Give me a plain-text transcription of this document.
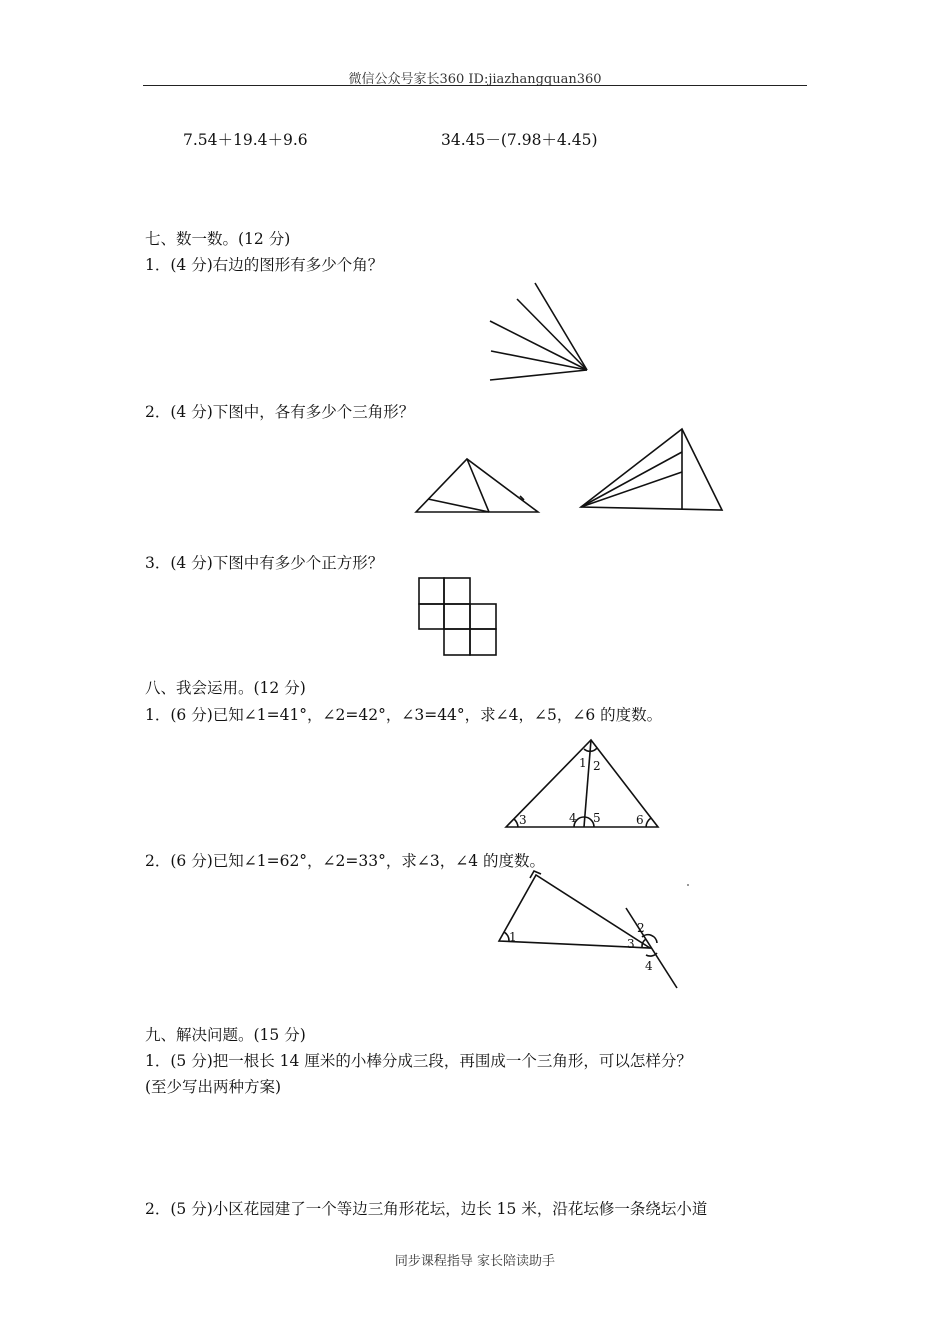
微信公众号家长360 ID:jiazhangquan360
7.54＋19.4＋9.6	34.45－(7.98＋4.45)
七、数一数。(12 分)
1．(4 分)右边的图形有多少个角？
2．(4 分)下图中，各有多少个三角形？
3．(4 分)下图中有多少个正方形？
八、我会运用。(12 分)
1．(6 分)已知∠1=41°，∠2=42°，∠3=44°，求∠4，∠5，∠6 的度数。
1 2
3	4 5	6
2．(6 分)已知∠1=62°，∠2=33°，求∠3，∠4 的度数。
1
2
3
4
九、解决问题。(15 分)
1．(5 分)把一根长 14 厘米的小棒分成三段，再围成一个三角形，可以怎样分？
(至少写出两种方案)
2．(5 分)小区花园建了一个等边三角形花坛，边长 15 米，沿花坛修一条绕坛小道
同步课程指导 家长陪读助手
